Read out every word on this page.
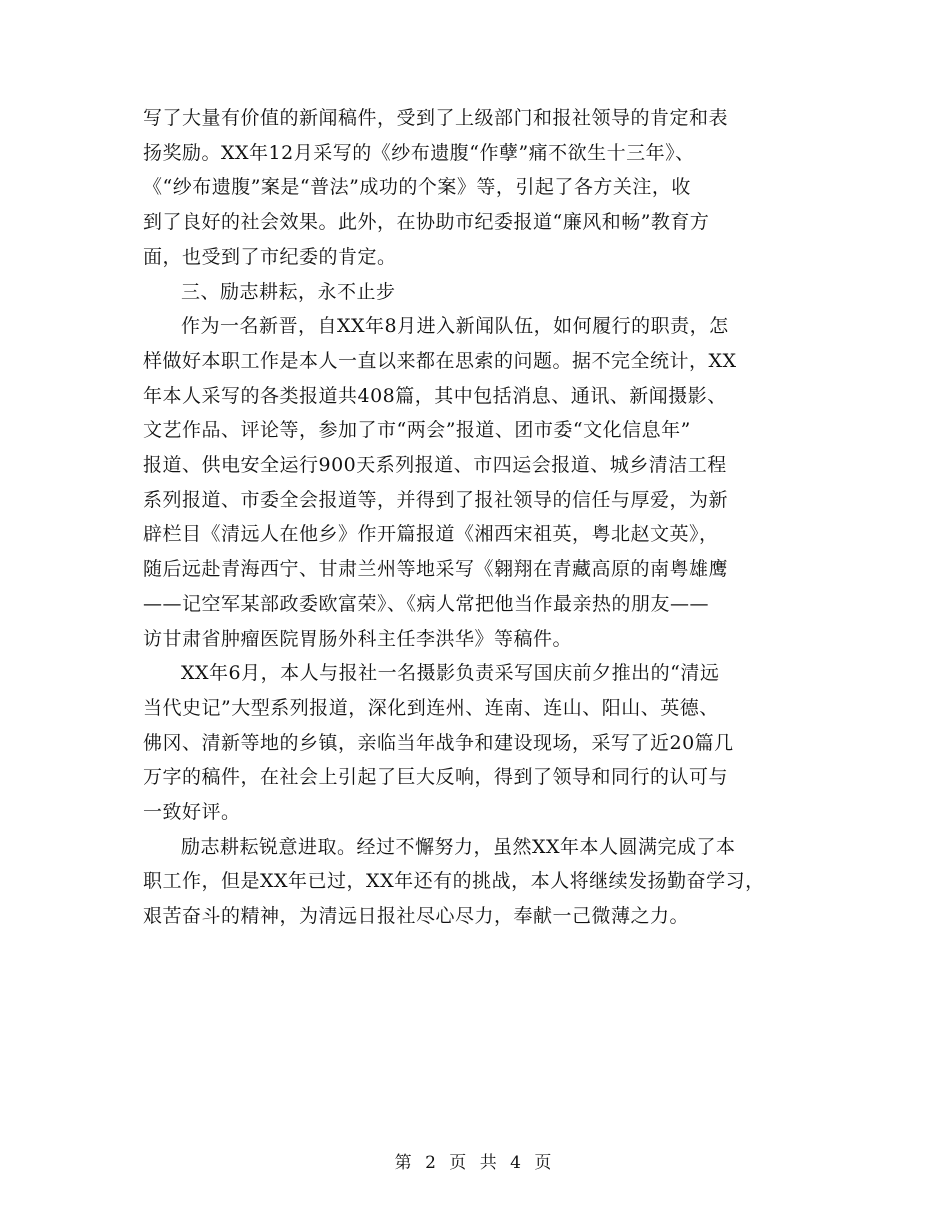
写了大量有价值的新闻稿件，受到了上级部门和报社领导的肯定和表

扬奖励。XX年12月采写的《纱布遗腹“作孽”痛不欲生十三年》、

《“纱布遗腹”案是“普法”成功的个案》等，引起了各方关注，收

到了良好的社会效果。此外，在协助市纪委报道“廉风和畅”教育方

面，也受到了市纪委的肯定。

三、励志耕耘，永不止步

作为一名新晋，自XX年8月进入新闻队伍，如何履行的职责，怎

样做好本职工作是本人一直以来都在思索的问题。据不完全统计，XX

年本人采写的各类报道共408篇，其中包括消息、通讯、新闻摄影、

文艺作品、评论等，参加了市“两会”报道、团市委“文化信息年”

报道、供电安全运行900天系列报道、市四运会报道、城乡清洁工程

系列报道、市委全会报道等，并得到了报社领导的信任与厚爱，为新

辟栏目《清远人在他乡》作开篇报道《湘西宋祖英，粤北赵文英》，

随后远赴青海西宁、甘肃兰州等地采写《翱翔在青藏高原的南粤雄鹰

——记空军某部政委欧富荣》、《病人常把他当作最亲热的朋友——

访甘肃省肿瘤医院胃肠外科主任李洪华》等稿件。

XX年6月，本人与报社一名摄影负责采写国庆前夕推出的“清远

当代史记”大型系列报道，深化到连州、连南、连山、阳山、英德、

佛冈、清新等地的乡镇，亲临当年战争和建设现场，采写了近20篇几

万字的稿件，在社会上引起了巨大反响，得到了领导和同行的认可与

一致好评。

励志耕耘锐意进取。经过不懈努力，虽然XX年本人圆满完成了本

职工作，但是XX年已过，XX年还有的挑战，本人将继续发扬勤奋学习，

艰苦奋斗的精神，为清远日报社尽心尽力，奉献一己微薄之力。

第 2 页 共 4 页
